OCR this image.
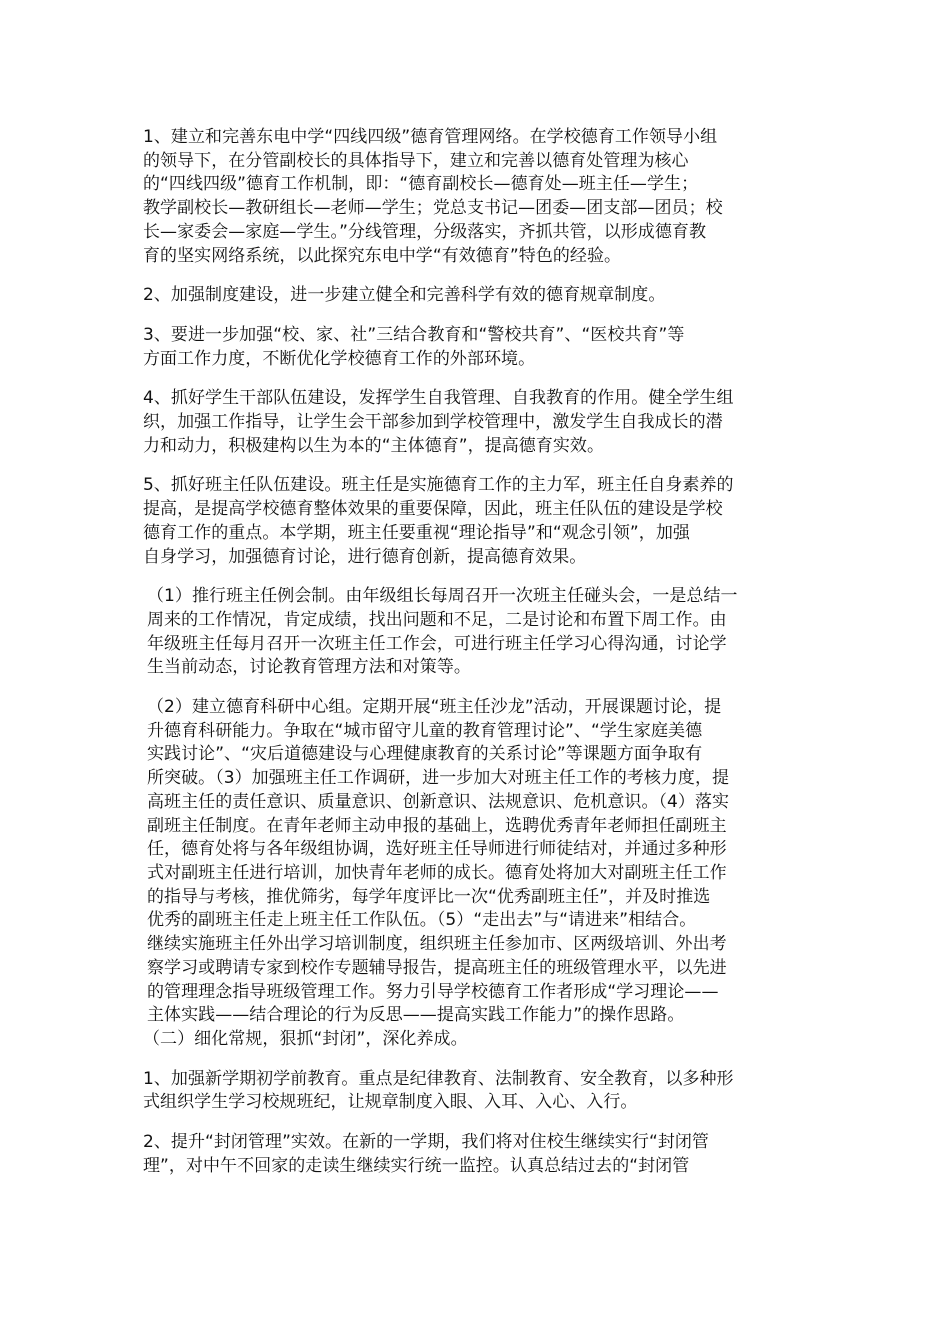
1、建立和完善东电中学“四线四级”德育管理网络。在学校德育工作领导小组
的领导下，在分管副校长的具体指导下，建立和完善以德育处管理为核心
的“四线四级”德育工作机制，即：“德育副校长—德育处—班主任—学生；
教学副校长—教研组长—老师—学生；党总支书记—团委—团支部—团员；校
长—家委会—家庭—学生。”分线管理，分级落实，齐抓共管，以形成德育教
育的坚实网络系统，以此探究东电中学“有效德育”特色的经验。

2、加强制度建设，进一步建立健全和完善科学有效的德育规章制度。

3、要进一步加强“校、家、社”三结合教育和“警校共育”、“医校共育”等
方面工作力度，不断优化学校德育工作的外部环境。

4、抓好学生干部队伍建设，发挥学生自我管理、自我教育的作用。健全学生组
织，加强工作指导，让学生会干部参加到学校管理中，激发学生自我成长的潜
力和动力，积极建构以生为本的“主体德育”，提高德育实效。

5、抓好班主任队伍建设。班主任是实施德育工作的主力军，班主任自身素养的
提高，是提高学校德育整体效果的重要保障，因此，班主任队伍的建设是学校
德育工作的重点。本学期，班主任要重视“理论指导”和“观念引领”，加强
自身学习，加强德育讨论，进行德育创新，提高德育效果。

（1）推行班主任例会制。由年级组长每周召开一次班主任碰头会，一是总结一
周来的工作情况，肯定成绩，找出问题和不足，二是讨论和布置下周工作。由
年级班主任每月召开一次班主任工作会，可进行班主任学习心得沟通，讨论学
生当前动态，讨论教育管理方法和对策等。

（2）建立德育科研中心组。定期开展“班主任沙龙”活动，开展课题讨论，提
升德育科研能力。争取在“城市留守儿童的教育管理讨论”、“学生家庭美德
实践讨论”、“灾后道德建设与心理健康教育的关系讨论”等课题方面争取有
所突破。（3）加强班主任工作调研，进一步加大对班主任工作的考核力度，提
高班主任的责任意识、质量意识、创新意识、法规意识、危机意识。（4）落实
副班主任制度。在青年老师主动申报的基础上，选聘优秀青年老师担任副班主
任，德育处将与各年级组协调，选好班主任导师进行师徒结对，并通过多种形
式对副班主任进行培训，加快青年老师的成长。德育处将加大对副班主任工作
的指导与考核，推优筛劣，每学年度评比一次“优秀副班主任”，并及时推选
优秀的副班主任走上班主任工作队伍。（5）“走出去”与“请进来”相结合。
继续实施班主任外出学习培训制度，组织班主任参加市、区两级培训、外出考
察学习或聘请专家到校作专题辅导报告，提高班主任的班级管理水平，以先进
的管理理念指导班级管理工作。努力引导学校德育工作者形成“学习理论——
主体实践——结合理论的行为反思——提高实践工作能力”的操作思路。

（二）细化常规，狠抓“封闭”，深化养成。

1、加强新学期初学前教育。重点是纪律教育、法制教育、安全教育，以多种形
式组织学生学习校规班纪，让规章制度入眼、入耳、入心、入行。

2、提升“封闭管理”实效。在新的一学期，我们将对住校生继续实行“封闭管
理”，对中午不回家的走读生继续实行统一监控。认真总结过去的“封闭管
